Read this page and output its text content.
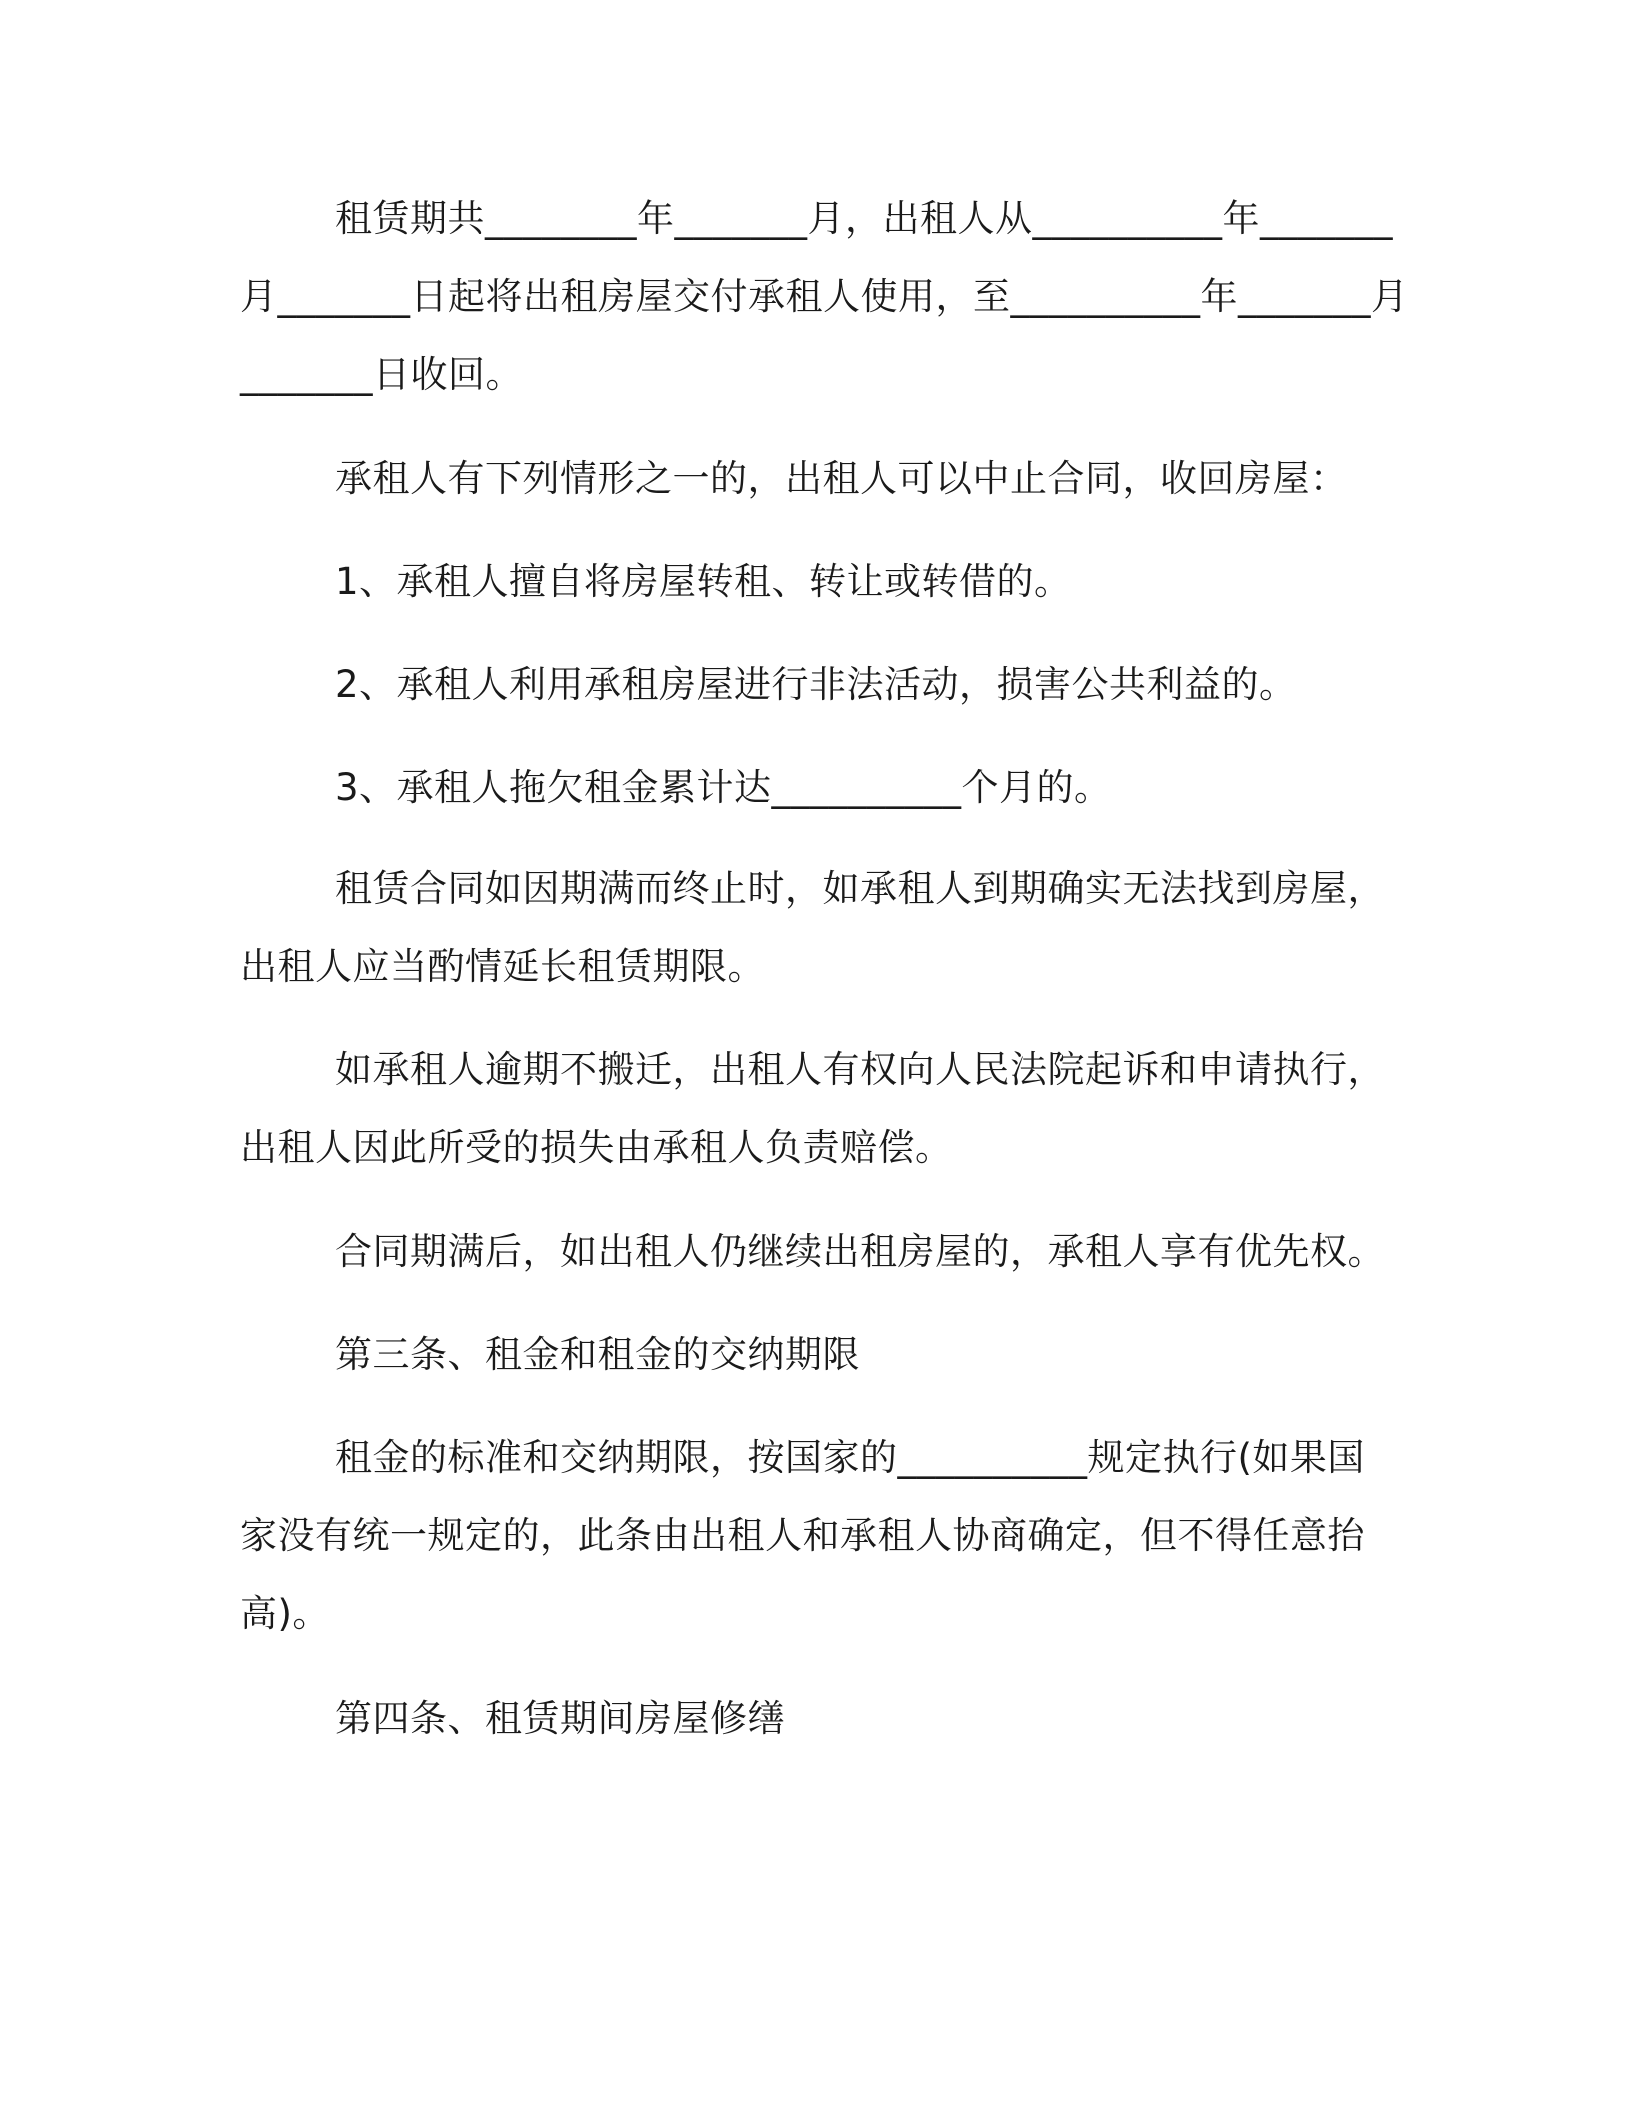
租赁期共________年_______月，出租人从__________年_______
月_______日起将出租房屋交付承租人使用，至__________年_______月
_______日收回。
承租人有下列情形之一的，出租人可以中止合同，收回房屋：
1、承租人擅自将房屋转租、转让或转借的。
2、承租人利用承租房屋进行非法活动，损害公共利益的。
3、承租人拖欠租金累计达__________个月的。
租赁合同如因期满而终止时，如承租人到期确实无法找到房屋，
出租人应当酌情延长租赁期限。
如承租人逾期不搬迁，出租人有权向人民法院起诉和申请执行，
出租人因此所受的损失由承租人负责赔偿。
合同期满后，如出租人仍继续出租房屋的，承租人享有优先权。
第三条、租金和租金的交纳期限
租金的标准和交纳期限，按国家的__________规定执行(如果国
家没有统一规定的，此条由出租人和承租人协商确定，但不得任意抬
高)。
第四条、租赁期间房屋修缮
